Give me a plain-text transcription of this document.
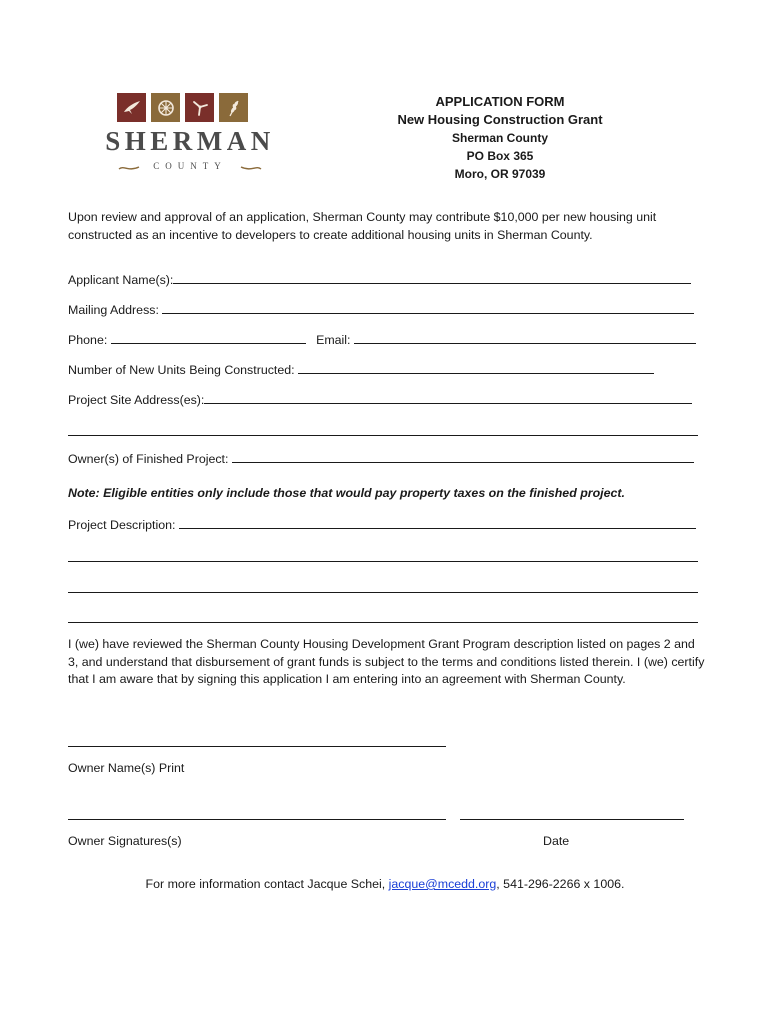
SHERMAN
COUNTY
APPLICATION FORM
New Housing Construction Grant
Sherman County
PO Box 365
Moro, OR 97039
Upon review and approval of an application, Sherman County may contribute $10,000 per new housing unit constructed as an incentive to developers to create additional housing units in Sherman County.
Applicant Name(s):
Mailing Address:
Phone:	Email:
Number of New Units Being Constructed:
Project Site Address(es):
Owner(s) of Finished Project:
Note: Eligible entities only include those that would pay property taxes on the finished project.
Project Description:
I (we) have reviewed the Sherman County Housing Development Grant Program description listed on pages 2 and 3, and understand that disbursement of grant funds is subject to the terms and conditions listed therein. I (we) certify that I am aware that by signing this application I am entering into an agreement with Sherman County.
Owner Name(s) Print
Owner Signatures(s)	Date
For more information contact Jacque Schei, jacque@mcedd.org, 541-296-2266 x 1006.
